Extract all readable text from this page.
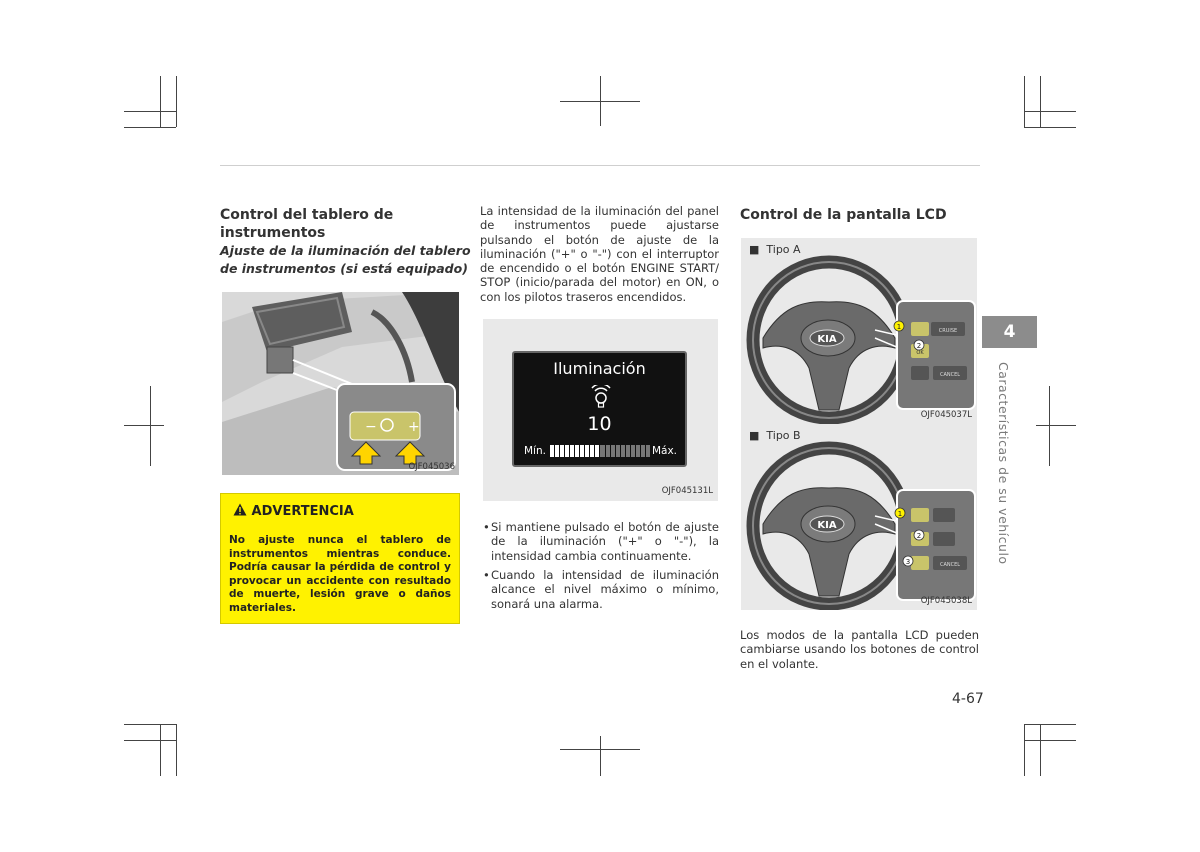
Control del tablero de
instrumentos
Ajuste de la iluminación del tablero
de instrumentos (si está equipado)
− +
OJF045036
ADVERTENCIA
No ajuste nunca el tablero de instrumentos mientras conduce. Podría causar la pérdida de control y provocar un accidente con resultado de muerte, lesión grave o daños materiales.
La intensidad de la iluminación del panel de instrumentos puede ajustarse pulsando el botón de ajuste de la iluminación ("+" o "-") con el interruptor de encendido o el botón ENGINE START/ STOP (inicio/parada del motor) en ON, o con los pilotos traseros encendidos.
OJF045131L
Iluminación
10
Mín.	Máx.
• Si mantiene pulsado el botón de ajuste de la iluminación ("+" o "-"), la intensidad cambia continuamente.
• Cuando la intensidad de iluminación alcance el nivel máximo o mínimo, sonará una alarma.
Control de la pantalla LCD
■  Tipo A
KIA
CRUISE
OK
CANCEL
1
2
OJF045037L
■  Tipo B
KIA
CANCEL
1
2
3
OJF045038L
Los modos de la pantalla LCD pueden cambiarse usando los botones de control en el volante.
4
Características de su vehículo
4-67
